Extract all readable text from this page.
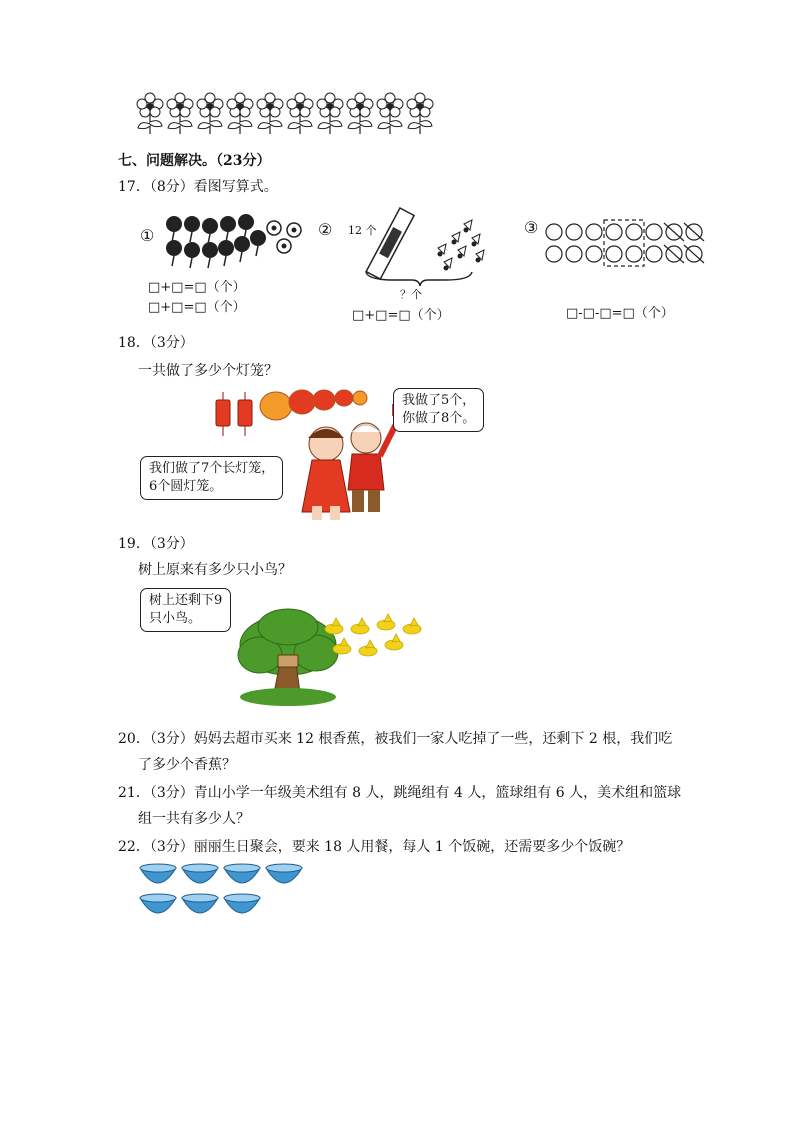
七、问题解决。（23分）
17．（8分）看图写算式。
①
□+□=□（个）
□+□=□（个）
② 12 个
？个
□+□=□（个）
③
□-□-□=□（个）
18．（3分）
一共做了多少个灯笼？
我做了5个，
你做了8个。
我们做了7个长灯笼，
6个圆灯笼。
19．（3分）
树上原来有多少只小鸟？
树上还剩下9
只小鸟。
20．（3分）妈妈去超市买来 12 根香蕉，被我们一家人吃掉了一些，还剩下 2 根，我们吃
了多少个香蕉？
21．（3分）青山小学一年级美术组有 8 人，跳绳组有 4 人，篮球组有 6 人，美术组和篮球
组一共有多少人？
22．（3分）丽丽生日聚会，要来 18 人用餐，每人 1 个饭碗，还需要多少个饭碗？
